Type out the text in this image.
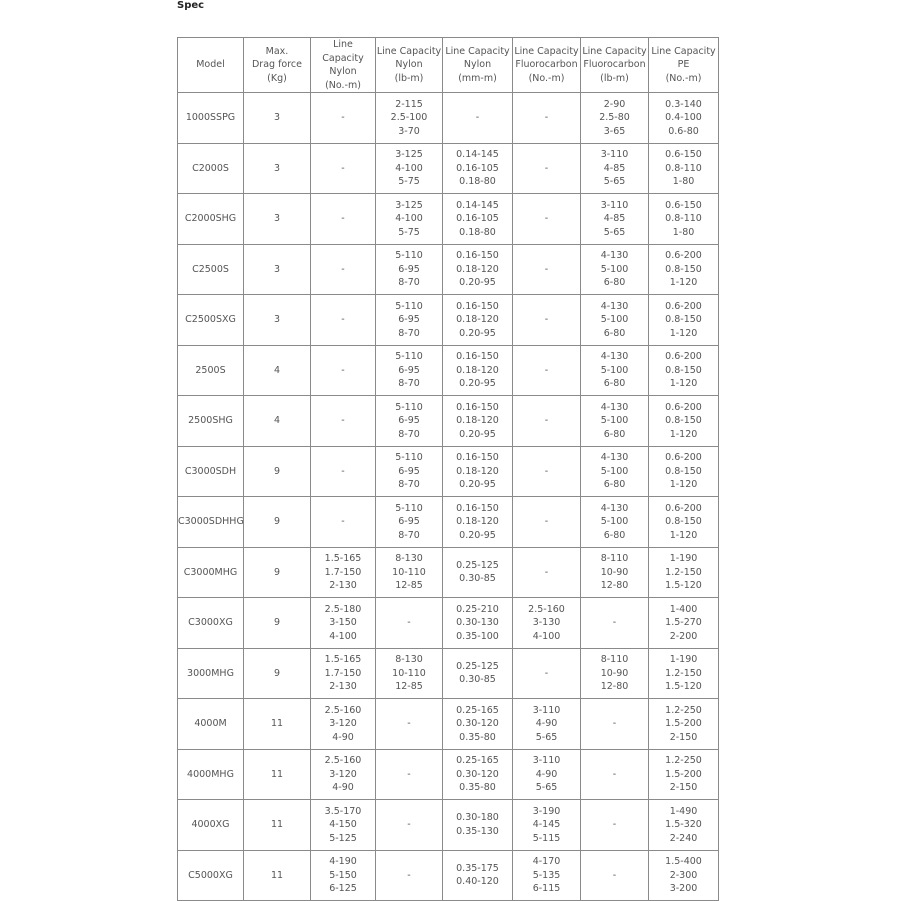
Spec
Model	Max.
Drag force
(Kg)	Line Capacity
Nylon
(No.-m)	Line Capacity
Nylon
(lb-m)	Line Capacity
Nylon
(mm-m)	Line Capacity
Fluorocarbon
(No.-m)	Line Capacity
Fluorocarbon
(lb-m)	Line Capacity
PE
(No.-m)

1000SSPG	3	-	2-115
2.5-100
3-70	-	-	2-90
2.5-80
3-65	0.3-140
0.4-100
0.6-80

C2000S	3	-	3-125
4-100
5-75	0.14-145
0.16-105
0.18-80	-	3-110
4-85
5-65	0.6-150
0.8-110
1-80

C2000SHG	3	-	3-125
4-100
5-75	0.14-145
0.16-105
0.18-80	-	3-110
4-85
5-65	0.6-150
0.8-110
1-80

C2500S	3	-	5-110
6-95
8-70	0.16-150
0.18-120
0.20-95	-	4-130
5-100
6-80	0.6-200
0.8-150
1-120

C2500SXG	3	-	5-110
6-95
8-70	0.16-150
0.18-120
0.20-95	-	4-130
5-100
6-80	0.6-200
0.8-150
1-120

2500S	4	-	5-110
6-95
8-70	0.16-150
0.18-120
0.20-95	-	4-130
5-100
6-80	0.6-200
0.8-150
1-120

2500SHG	4	-	5-110
6-95
8-70	0.16-150
0.18-120
0.20-95	-	4-130
5-100
6-80	0.6-200
0.8-150
1-120

C3000SDH	9	-	5-110
6-95
8-70	0.16-150
0.18-120
0.20-95	-	4-130
5-100
6-80	0.6-200
0.8-150
1-120

C3000SDHHG	9	-	5-110
6-95
8-70	0.16-150
0.18-120
0.20-95	-	4-130
5-100
6-80	0.6-200
0.8-150
1-120

C3000MHG	9	1.5-165
1.7-150
2-130	8-130
10-110
12-85	0.25-125
0.30-85	-	8-110
10-90
12-80	1-190
1.2-150
1.5-120

C3000XG	9	2.5-180
3-150
4-100	-	0.25-210
0.30-130
0.35-100	2.5-160
3-130
4-100	-	1-400
1.5-270
2-200

3000MHG	9	1.5-165
1.7-150
2-130	8-130
10-110
12-85	0.25-125
0.30-85	-	8-110
10-90
12-80	1-190
1.2-150
1.5-120

4000M	11	2.5-160
3-120
4-90	-	0.25-165
0.30-120
0.35-80	3-110
4-90
5-65	-	1.2-250
1.5-200
2-150

4000MHG	11	2.5-160
3-120
4-90	-	0.25-165
0.30-120
0.35-80	3-110
4-90
5-65	-	1.2-250
1.5-200
2-150

4000XG	11	3.5-170
4-150
5-125	-	0.30-180
0.35-130	3-190
4-145
5-115	-	1-490
1.5-320
2-240

C5000XG	11	4-190
5-150
6-125	-	0.35-175
0.40-120	4-170
5-135
6-115	-	1.5-400
2-300
3-200
